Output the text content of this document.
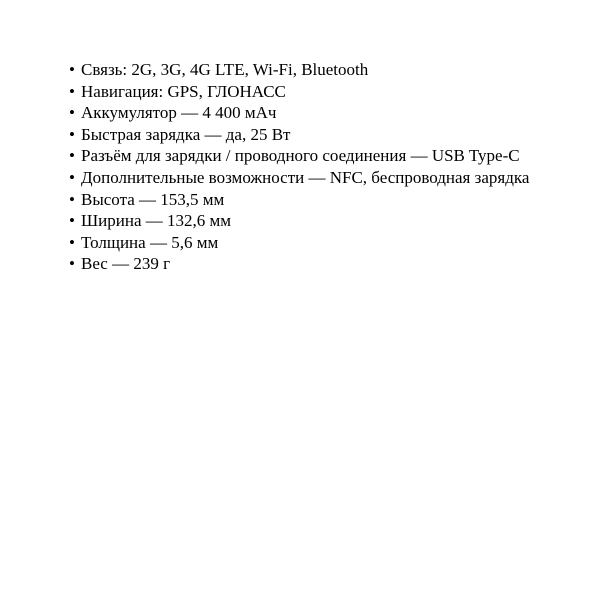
• Связь: 2G, 3G, 4G LTE, Wi-Fi, Bluetooth
• Навигация: GPS, ГЛОНАСС
• Аккумулятор — 4 400 мАч
• Быстрая зарядка — да, 25 Вт
• Разъём для зарядки / проводного соединения — USB Type-C
• Дополнительные возможности — NFC, беспроводная зарядка
• Высота — 153,5 мм
• Ширина — 132,6 мм
• Толщина — 5,6 мм
• Вес — 239 г
